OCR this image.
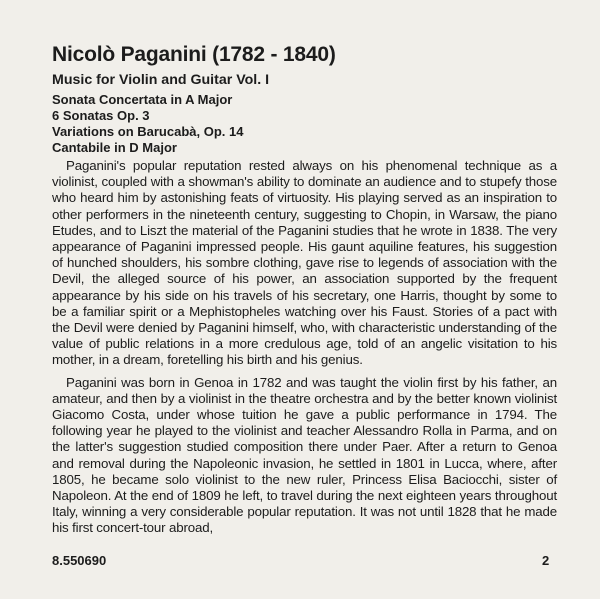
Nicolò Paganini (1782 - 1840)
Music for Violin and Guitar Vol. I
Sonata Concertata in A Major
6 Sonatas Op. 3
Variations on Barucabà, Op. 14
Cantabile in D Major

Paganini's popular reputation rested always on his phenomenal technique as a violinist, coupled with a showman's ability to dominate an audience and to stupefy those who heard him by astonishing feats of virtuosity. His playing served as an inspiration to other performers in the nineteenth century, suggesting to Chopin, in Warsaw, the piano Etudes, and to Liszt the material of the Paganini studies that he wrote in 1838. The very appearance of Paganini impressed people. His gaunt aquiline features, his suggestion of hunched shoulders, his sombre clothing, gave rise to legends of association with the Devil, the alleged source of his power, an association supported by the frequent appearance by his side on his travels of his secretary, one Harris, thought by some to be a familiar spirit or a Mephistopheles watching over his Faust. Stories of a pact with the Devil were denied by Paganini himself, who, with characteristic understanding of the value of public relations in a more credulous age, told of an angelic visitation to his mother, in a dream, foretelling his birth and his genius.

Paganini was born in Genoa in 1782 and was taught the violin first by his father, an amateur, and then by a violinist in the theatre orchestra and by the better known violinist Giacomo Costa, under whose tuition he gave a public performance in 1794. The following year he played to the violinist and teacher Alessandro Rolla in Parma, and on the latter's suggestion studied composition there under Paer. After a return to Genoa and removal during the Napoleonic invasion, he settled in 1801 in Lucca, where, after 1805, he became solo violinist to the new ruler, Princess Elisa Baciocchi, sister of Napoleon. At the end of 1809 he left, to travel during the next eighteen years throughout Italy, winning a very considerable popular reputation. It was not until 1828 that he made his first concert-tour abroad,

8.550690	2
